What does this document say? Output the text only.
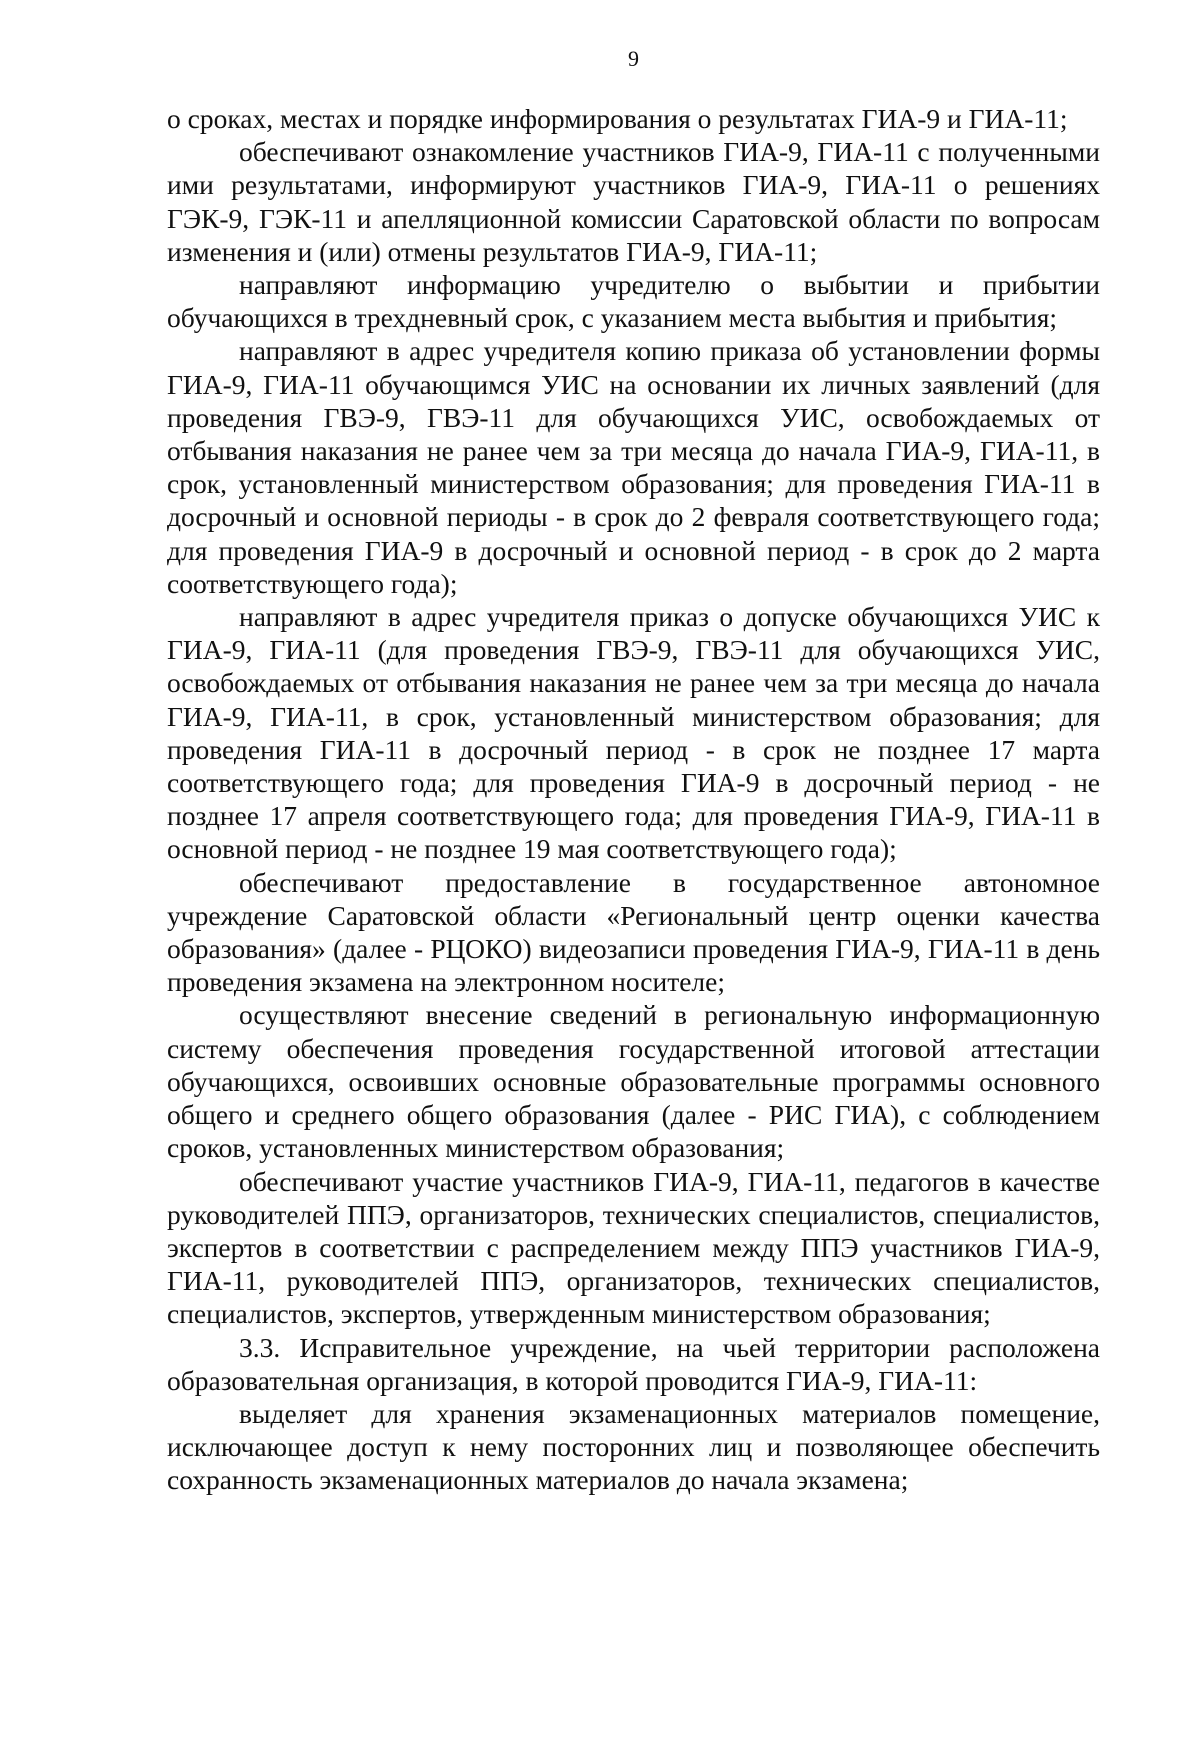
9

о сроках, местах и порядке информирования о результатах ГИА-9 и ГИА-11;

обеспечивают ознакомление участников ГИА-9, ГИА-11 с полученными ими результатами, информируют участников ГИА-9, ГИА-11 о решениях ГЭК-9, ГЭК-11 и апелляционной комиссии Саратовской области по вопросам изменения и (или) отмены результатов ГИА-9, ГИА-11;

направляют информацию учредителю о выбытии и прибытии обучающихся в трехдневный срок, с указанием места выбытия и прибытия;

направляют в адрес учредителя копию приказа об установлении формы ГИА-9, ГИА-11 обучающимся УИС на основании их личных заявлений (для проведения ГВЭ-9, ГВЭ-11 для обучающихся УИС, освобождаемых от отбывания наказания не ранее чем за три месяца до начала ГИА-9, ГИА-11, в срок, установленный министерством образования; для проведения ГИА-11 в досрочный и основной периоды - в срок до 2 февраля соответствующего года; для проведения ГИА-9 в досрочный и основной период - в срок до 2 марта соответствующего года);

направляют в адрес учредителя приказ о допуске обучающихся УИС к ГИА-9, ГИА-11 (для проведения ГВЭ-9, ГВЭ-11 для обучающихся УИС, освобождаемых от отбывания наказания не ранее чем за три месяца до начала ГИА-9, ГИА-11, в срок, установленный министерством образования; для проведения ГИА-11 в досрочный период - в срок не позднее 17 марта соответствующего года; для проведения ГИА-9 в досрочный период - не позднее 17 апреля соответствующего года; для проведения ГИА-9, ГИА-11 в основной период - не позднее 19 мая соответствующего года);

обеспечивают предоставление в государственное автономное учреждение Саратовской области «Региональный центр оценки качества образования» (далее - РЦОКО) видеозаписи проведения ГИА-9, ГИА-11 в день проведения экзамена на электронном носителе;

осуществляют внесение сведений в региональную информационную систему обеспечения проведения государственной итоговой аттестации обучающихся, освоивших основные образовательные программы основного общего и среднего общего образования (далее - РИС ГИА), с соблюдением сроков, установленных министерством образования;

обеспечивают участие участников ГИА-9, ГИА-11, педагогов в качестве руководителей ППЭ, организаторов, технических специалистов, специалистов, экспертов в соответствии с распределением между ППЭ участников ГИА-9, ГИА-11, руководителей ППЭ, организаторов, технических специалистов, специалистов, экспертов, утвержденным министерством образования;

3.3. Исправительное учреждение, на чьей территории расположена образовательная организация, в которой проводится ГИА-9, ГИА-11:

выделяет для хранения экзаменационных материалов помещение, исключающее доступ к нему посторонних лиц и позволяющее обеспечить сохранность экзаменационных материалов до начала экзамена;
